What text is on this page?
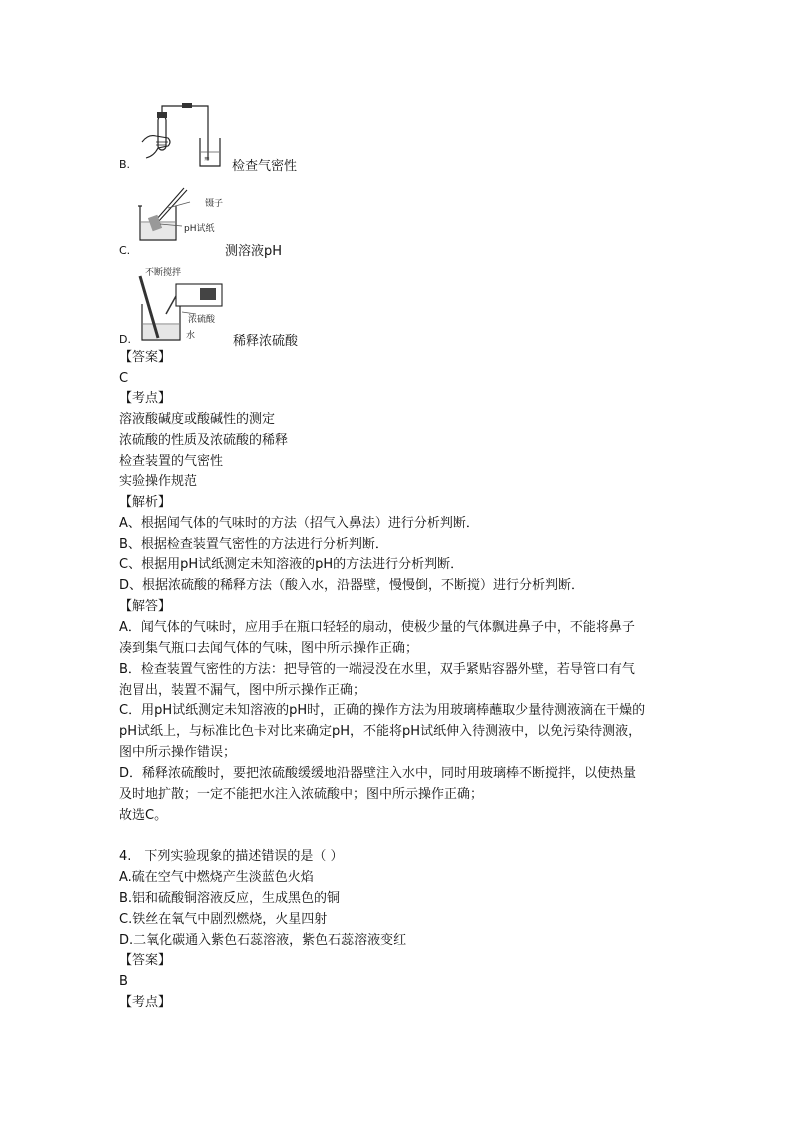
≋
B.	检查气密性
镊子
pH试纸
C.	测溶液pH
不断搅拌
浓硫酸
水
D.	稀释浓硫酸
【答案】
C
【考点】
溶液酸碱度或酸碱性的测定
浓硫酸的性质及浓硫酸的稀释
检查装置的气密性
实验操作规范
【解析】
A、根据闻气体的气味时的方法（招气入鼻法）进行分析判断．
B、根据检查装置气密性的方法进行分析判断．
C、根据用pH试纸测定未知溶液的pH的方法进行分析判断．
D、根据浓硫酸的稀释方法（酸入水，沿器壁，慢慢倒，不断搅）进行分析判断．
【解答】
A．闻气体的气味时，应用手在瓶口轻轻的扇动，使极少量的气体飘进鼻子中，不能将鼻子
凑到集气瓶口去闻气体的气味，图中所示操作正确；
B．检查装置气密性的方法：把导管的一端浸没在水里，双手紧贴容器外壁，若导管口有气
泡冒出，装置不漏气，图中所示操作正确；
C．用pH试纸测定未知溶液的pH时，正确的操作方法为用玻璃棒蘸取少量待测液滴在干燥的
pH试纸上，与标准比色卡对比来确定pH，不能将pH试纸伸入待测液中，以免污染待测液，
图中所示操作错误；
D．稀释浓硫酸时，要把浓硫酸缓缓地沿器壁注入水中，同时用玻璃棒不断搅拌，以使热量
及时地扩散；一定不能把水注入浓硫酸中；图中所示操作正确；
故选C。
4.　下列实验现象的描述错误的是（ ）
A.硫在空气中燃烧产生淡蓝色火焰
B.铝和硫酸铜溶液反应，生成黑色的铜
C.铁丝在氧气中剧烈燃烧，火星四射
D.二氧化碳通入紫色石蕊溶液，紫色石蕊溶液变红
【答案】
B
【考点】
